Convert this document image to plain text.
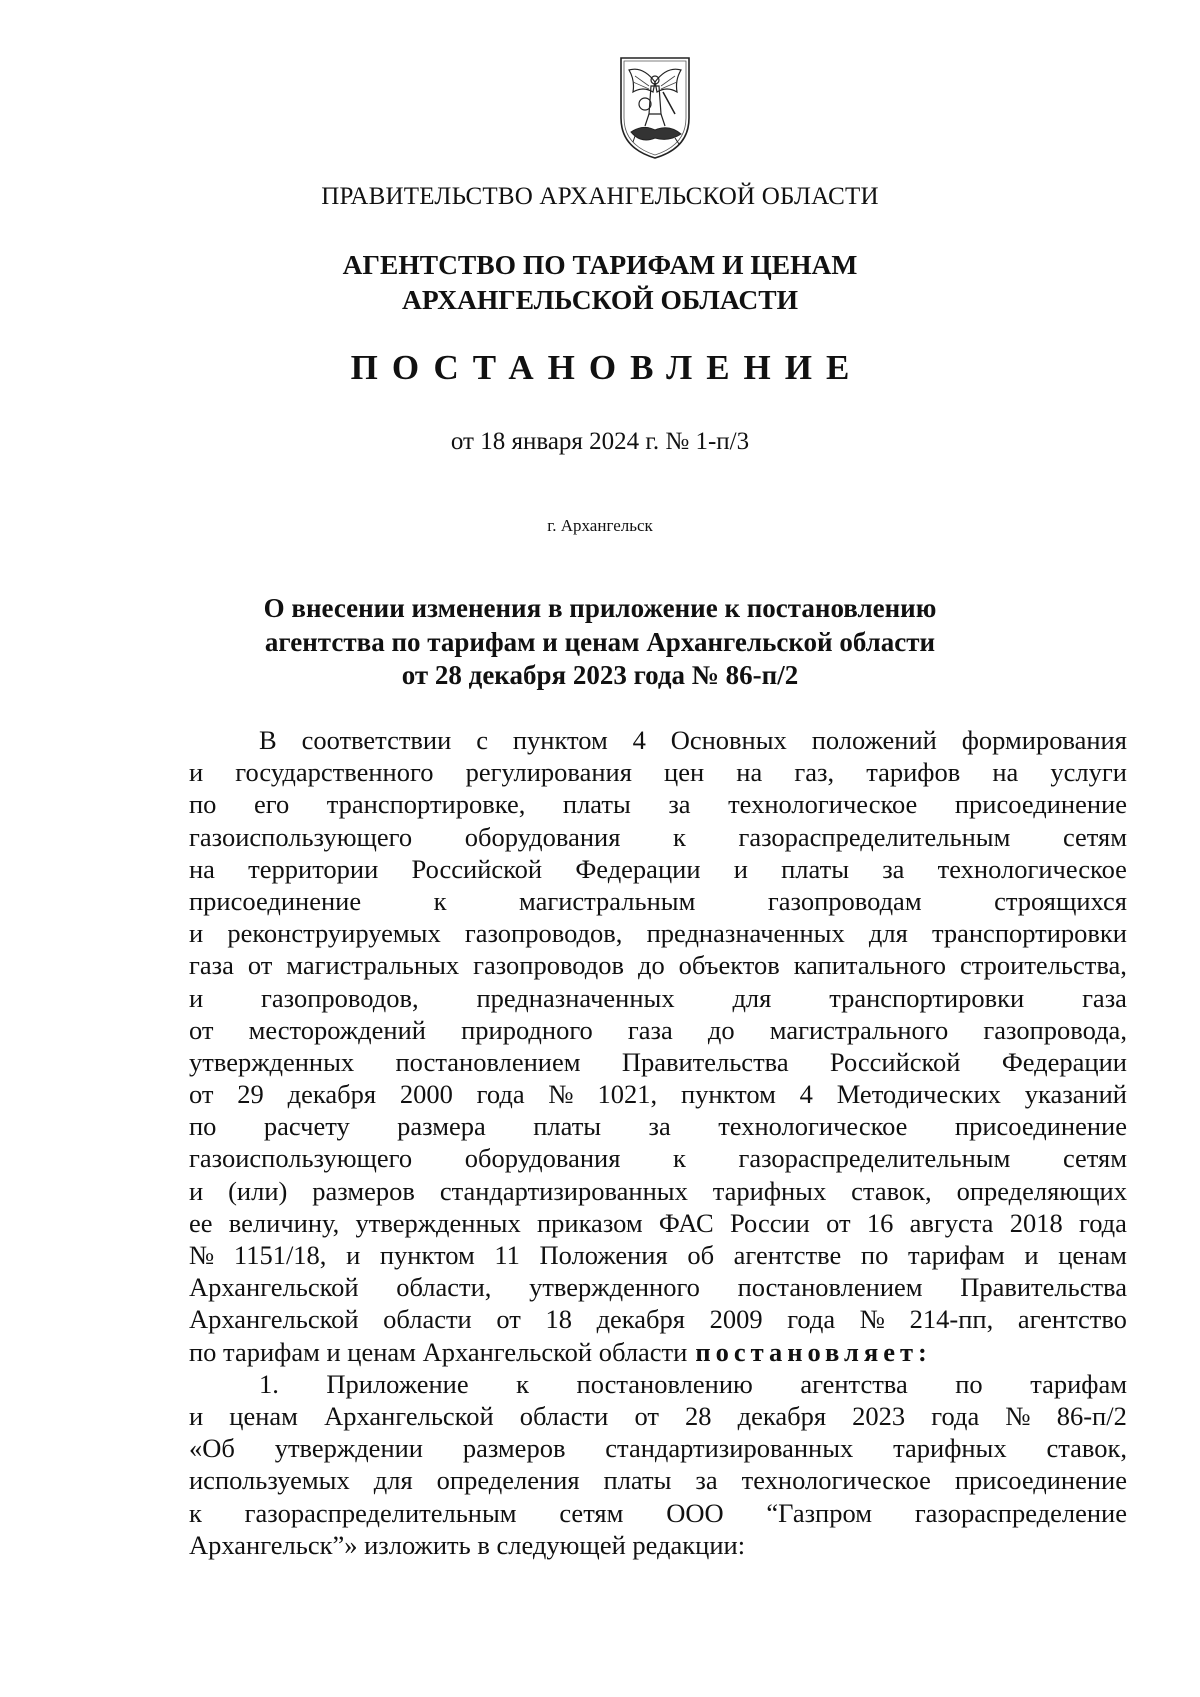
ПРАВИТЕЛЬСТВО АРХАНГЕЛЬСКОЙ ОБЛАСТИ
АГЕНТСТВО ПО ТАРИФАМ И ЦЕНАМ
АРХАНГЕЛЬСКОЙ ОБЛАСТИ
ПОСТАНОВЛЕНИЕ
от 18 января 2024 г. № 1-п/3
г. Архангельск
О внесении изменения в приложение к постановлению
агентства по тарифам и ценам Архангельской области
от 28 декабря 2023 года № 86-п/2
В соответствии с пунктом 4 Основных положений формирования
и государственного регулирования цен на газ, тарифов на услуги
по его транспортировке, платы за технологическое присоединение
газоиспользующего оборудования к газораспределительным сетям
на территории Российской Федерации и платы за технологическое
присоединение	к	магистральным	газопроводам	строящихся
и реконструируемых газопроводов, предназначенных для транспортировки
газа от магистральных газопроводов до объектов капитального строительства,
и газопроводов, предназначенных для транспортировки газа
от месторождений природного газа до магистрального газопровода,
утвержденных постановлением Правительства Российской Федерации
от 29 декабря 2000 года № 1021, пунктом 4 Методических указаний
по расчету размера платы за технологическое присоединение
газоиспользующего оборудования к газораспределительным сетям
и (или) размеров стандартизированных тарифных ставок, определяющих
ее величину, утвержденных приказом ФАС России от 16 августа 2018 года
№ 1151/18, и пунктом 11 Положения об агентстве по тарифам и ценам
Архангельской области, утвержденного постановлением Правительства
Архангельской области от 18 декабря 2009 года № 214-пп, агентство
по тарифам и ценам Архангельской области постановляет:
1. Приложение к постановлению агентства по тарифам
и ценам Архангельской области от 28 декабря 2023 года № 86-п/2
«Об утверждении размеров стандартизированных тарифных ставок,
используемых для определения платы за технологическое присоединение
к газораспределительным сетям ООО “Газпром газораспределение
Архангельск”» изложить в следующей редакции:
